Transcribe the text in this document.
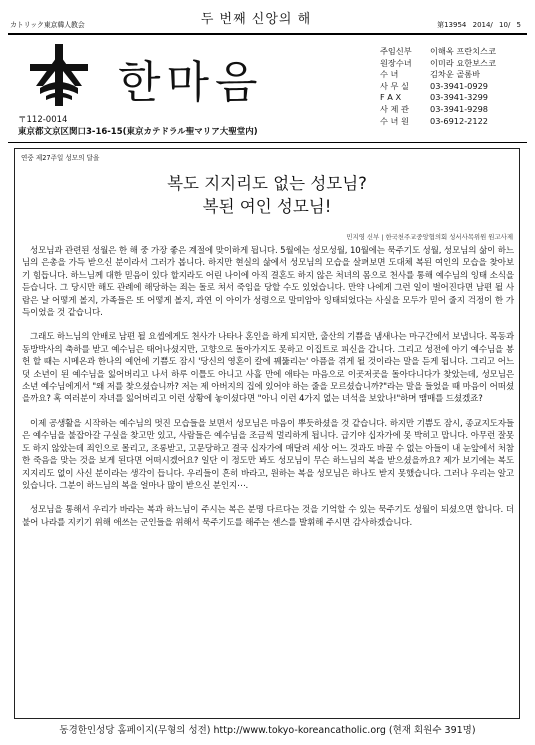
カトリック東京韓人教会	두 번째 신앙의 해	第13954 2014/ 10/ 5
한마음
〒112-0014
東京都文京区関口3-16-15(東京カテドラル聖マリア大聖堂内)
주임신부	이해옥 프란치스코
원장수녀	이미라 요한보스코
수 녀	김차운 골롬바
사 무 실	03-3941-0929
F A X	03-3941-3299
사 제 관	03-3941-9298
수 녀 원	03-6912-2122
연중 제27주일 성모의 달을
복도 지지리도 없는 성모님?
복된 여인 성모님!
민지영 신부 | 한국천주교중앙협의회 성서사목위원 원고사제

성모님과 관련된 성월은 한 해 중 가장 좋은 계절에 맞이하게 됩니다. 5월에는 성모성월, 10월에는 묵주기도 성월, 성모님의 삶이 하느님의 은총을 가득 받으신 분이라서 그러가 봅니다. 하지만 현실의 삶에서 성모님의 모습을 살펴보면 도대체 복된 여인의 모습을 찾아보기 힘듭니다. 하느님께 대한 믿음이 있다 할지라도 어린 나이에 아직 결혼도 하지 않은 처녀의 몸으로 천사를 통해 예수님의 잉태 소식을 듣습니다. 그 당시만 해도 관례에 해당하는 죄는 돌로 쳐서 죽임을 당할 수도 있었습니다. 만약 나에게 그런 일이 벌어진다면 남편 될 사람은 날 어떻게 볼지, 가족들은 또 어떻게 볼지, 과연 이 아이가 성령으로 말미암아 잉태되었다는 사실을 모두가 믿어 줄지 걱정이 한 가득이었을 것 같습니다.

그래도 하느님의 안배로 남편 될 요셉에게도 천사가 나타나 혼인을 하게 되지만, 출산의 기쁨을 냄새나는 마구간에서 보냅니다. 목동과 동방박사의 축하를 받고 예수님은 태어나셨지만, 고향으로 돌아가지도 못하고 이집트로 피신을 갑니다. 그리고 성전에 아기 예수님을 봉헌 할 때는 시메온과 한나의 예언에 기쁨도 잠시 '당신의 영혼이 칼에 꿰뚫리는' 아픔을 겪게 될 것이라는 말을 듣게 됩니다. 그리고 어느덧 소년이 된 예수님을 잃어버리고 나서 하루 이틀도 아니고 사흘 만에 애타는 마음으로 이곳저곳을 돌아다니다가 찾았는데, 성모님은 소년 예수님에게서 "왜 저를 찾으셨습니까? 저는 제 아버지의 집에 있어야 하는 줄을 모르셨습니까?"라는 말을 들었을 때 마음이 어떠셨을까요? 혹 여러분이 자녀를 잃어버리고 이런 상황에 놓이셨다면 "아니 이런 4가지 없는 녀석을 보았나!"하며 맴매를 드셨겠죠?

이제 공생활을 시작하는 예수님의 멋진 모습들을 보면서 성모님은 마음이 뿌듯하셨을 것 같습니다. 하지만 기쁨도 잠시, 종교지도자들은 예수님을 불잡아갈 구실을 찾고만 있고, 사람들은 예수님을 조금씩 멀리하게 됩니다. 급기야 십자가에 못 박히고 맙니다. 아무런 잘못도 하지 않았는데 죄인으로 몰리고, 조롱받고, 고문당하고 결국 십자가에 매달려 세상 어느 것과도 바꿀 수 없는 아들이 내 눈앞에서 처참한 죽음을 맞는 것을 보게 된다면 어떠시겠어요? 일단 이 정도만 봐도 성모님이 무슨 하느님의 복을 받으셨을까요? 제가 보기에는 복도 지지리도 없이 사신 분이라는 생각이 듭니다. 우리들이 흔히 바라고, 원하는 복을 성모님은 하나도 받지 못했습니다. 그러나 우리는 알고 있습니다. 그분이 하느님의 복을 얼마나 많이 받으신 분인지⋯.

성모님을 통해서 우리가 바라는 복과 하느님이 주시는 복은 분명 다르다는 것을 기억할 수 있는 묵주기도 성월이 되셨으면 합니다. 더불어 나라를 지키기 위해 애쓰는 군인들을 위해서 묵주기도를 해주는 센스를 발휘해 주시면 감사하겠습니다.

동경한인성당 홈페이지(무형의 성전) http://www.tokyo-koreancatholic.org (현재 회원수 391명)
